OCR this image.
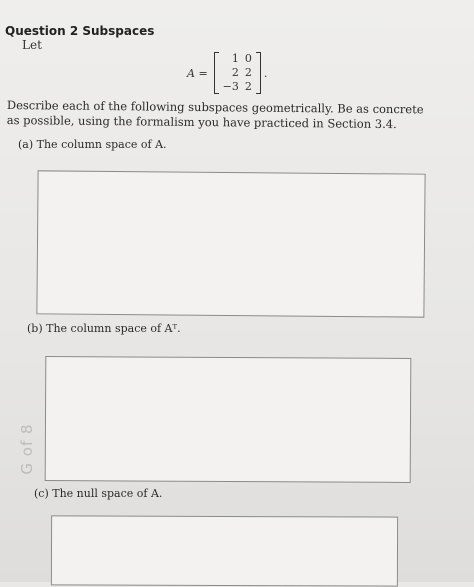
Question 2 Subspaces
Let
A =
1	0
2	2
−3	2
.
Describe each of the following subspaces geometrically. Be as concrete as possible, using the formalism you have practiced in Section 3.4.
(a) The column space of A.
(b) The column space of Aᵀ.
(c) The null space of A.
G of 8
